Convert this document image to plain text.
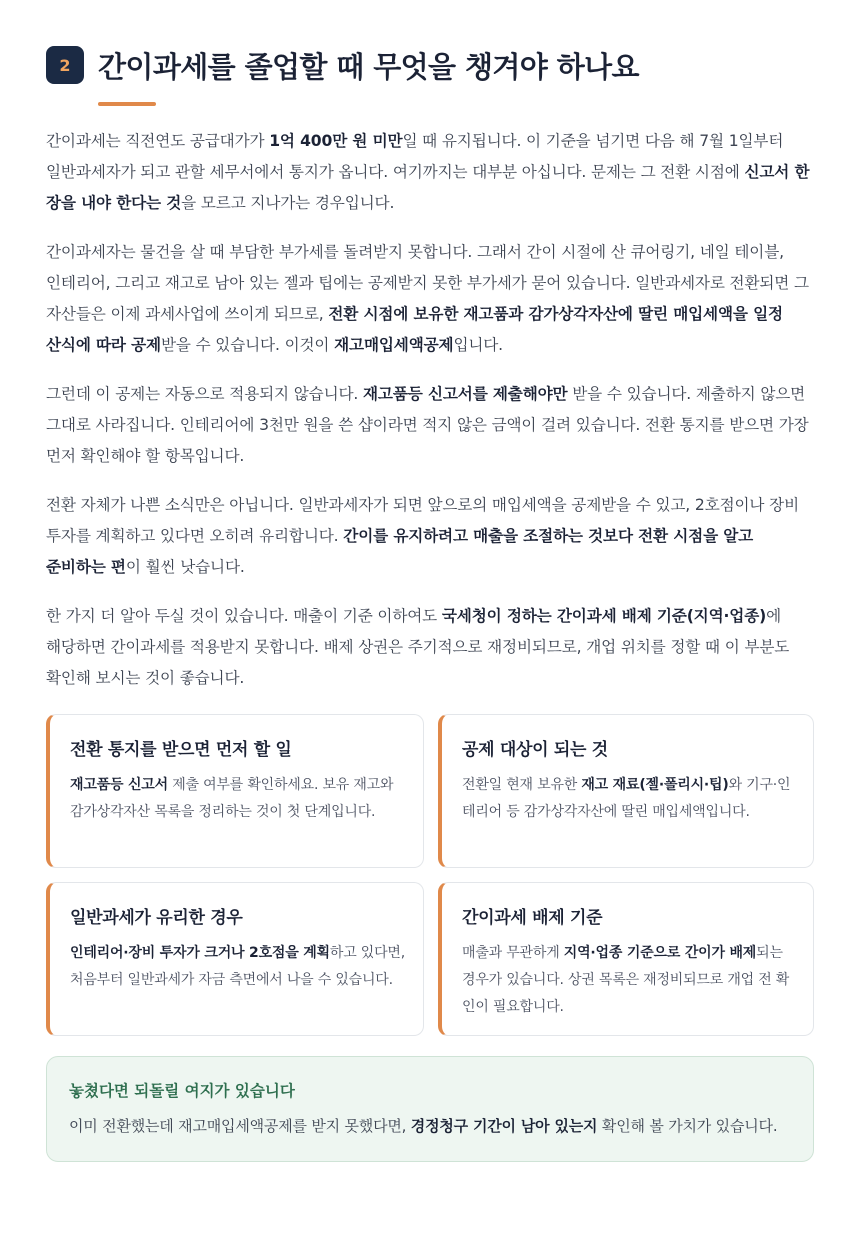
2 간이과세를 졸업할 때 무엇을 챙겨야 하나요

간이과세는 직전연도 공급대가가 1억 400만 원 미만일 때 유지됩니다. 이 기준을 넘기면 다음 해 7월 1일부터 일반과세자가 되고 관할 세무서에서 통지가 옵니다. 여기까지는 대부분 아십니다. 문제는 그 전환 시점에 신고서 한 장을 내야 한다는 것을 모르고 지나가는 경우입니다.

간이과세자는 물건을 살 때 부담한 부가세를 돌려받지 못합니다. 그래서 간이 시절에 산 큐어링기, 네일 테이블, 인테리어, 그리고 재고로 남아 있는 젤과 팁에는 공제받지 못한 부가세가 묻어 있습니다. 일반과세자로 전환되면 그 자산들은 이제 과세사업에 쓰이게 되므로, 전환 시점에 보유한 재고품과 감가상각자산에 딸린 매입세액을 일정 산식에 따라 공제받을 수 있습니다. 이것이 재고매입세액공제입니다.

그런데 이 공제는 자동으로 적용되지 않습니다. 재고품등 신고서를 제출해야만 받을 수 있습니다. 제출하지 않으면 그대로 사라집니다. 인테리어에 3천만 원을 쓴 샵이라면 적지 않은 금액이 걸려 있습니다. 전환 통지를 받으면 가장 먼저 확인해야 할 항목입니다.

전환 자체가 나쁜 소식만은 아닙니다. 일반과세자가 되면 앞으로의 매입세액을 공제받을 수 있고, 2호점이나 장비 투자를 계획하고 있다면 오히려 유리합니다. 간이를 유지하려고 매출을 조절하는 것보다 전환 시점을 알고 준비하는 편이 훨씬 낫습니다.

한 가지 더 알아 두실 것이 있습니다. 매출이 기준 이하여도 국세청이 정하는 간이과세 배제 기준(지역·업종)에 해당하면 간이과세를 적용받지 못합니다. 배제 상권은 주기적으로 재정비되므로, 개업 위치를 정할 때 이 부분도 확인해 보시는 것이 좋습니다.

전환 통지를 받으면 먼저 할 일
재고품등 신고서 제출 여부를 확인하세요. 보유 재고와 감가상각자산 목록을 정리하는 것이 첫 단계입니다.
공제 대상이 되는 것
전환일 현재 보유한 재고 재료(젤·폴리시·팁)와 기구·인테리어 등 감가상각자산에 딸린 매입세액입니다.
일반과세가 유리한 경우
인테리어·장비 투자가 크거나 2호점을 계획하고 있다면, 처음부터 일반과세가 자금 측면에서 나을 수 있습니다.
간이과세 배제 기준
매출과 무관하게 지역·업종 기준으로 간이가 배제되는 경우가 있습니다. 상권 목록은 재정비되므로 개업 전 확인이 필요합니다.
놓쳤다면 되돌릴 여지가 있습니다
이미 전환했는데 재고매입세액공제를 받지 못했다면, 경정청구 기간이 남아 있는지 확인해 볼 가치가 있습니다.
